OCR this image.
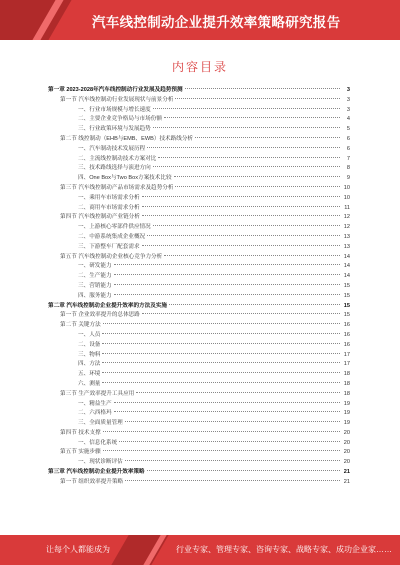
汽车线控制动企业提升效率策略研究报告
内容目录
第一章 2023-2028年汽车线控制动行业发展及趋势预测	3
第一节 汽车线控制动行业发展现状与前景分析	3
一、行业市场规模与增长速度	3
二、主要企业竞争格局与市场份额	4
三、行业政策环境与发展趋势	5
第二节 线控制动（EHB与EMB、EWB）技术路线分析	6
一、汽车制动技术发展历程	6
二、主流线控制动技术方案对比	7
三、技术路线选择与演进方向	8
四、One Box与Two Box方案技术比较	9
第三节 汽车线控制动产品市场需求及趋势分析	10
一、乘用车市场需求分析	10
二、商用车市场需求分析	11
第四节 汽车线控制动产业链分析	12
一、上游核心零部件供应情况	12
二、中游系统集成企业概况	13
三、下游整车厂配套需求	13
第五节 汽车线控制动企业核心竞争力分析	14
一、研发能力	14
二、生产能力	14
三、营销能力	15
四、服务能力	15
第二章 汽车线控制动企业提升效率的方法及实施	15
第一节 企业效率提升的总体思路	15
第二节 关键方法	16
一、人员	16
二、设备	16
三、物料	17
四、方法	17
五、环境	18
六、测量	18
第三节 生产效率提升工具应用	18
一、精益生产	19
二、六西格玛	19
三、全面质量管理	19
第四节 技术支撑	20
一、信息化系统	20
第五节 实施步骤	20
一、现状诊断评估	20
第三章 汽车线控制动企业提升效率策略	21
第一节 组织效率提升策略	21
让每个人都能成为	行业专家、管理专家、咨询专家、战略专家、成功企业家……
